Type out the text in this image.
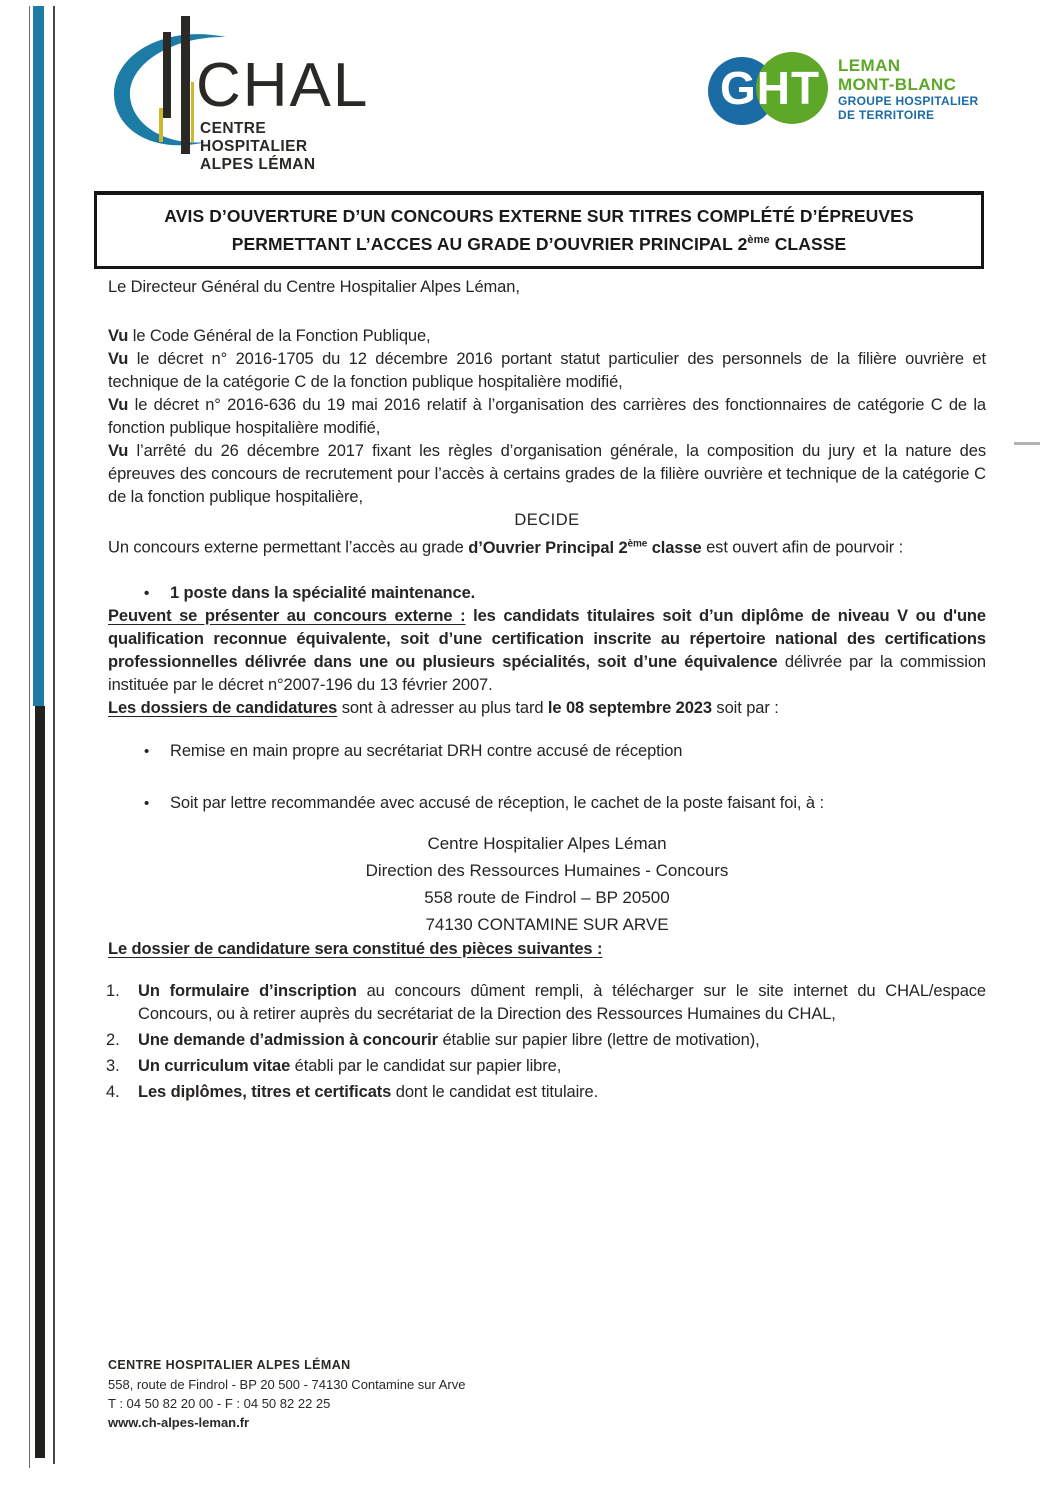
CHAL
CENTRE HOSPITALIER
ALPES LÉMAN
GHT	LEMAN
MONT-BLANC
GROUPE HOSPITALIER
DE TERRITOIRE
AVIS D’OUVERTURE D’UN CONCOURS EXTERNE SUR TITRES COMPLÉTÉ D’ÉPREUVES
PERMETTANT L’ACCES AU GRADE D’OUVRIER PRINCIPAL 2ème CLASSE

Le Directeur Général du Centre Hospitalier Alpes Léman,

Vu le Code Général de la Fonction Publique,

Vu le décret n° 2016-1705 du 12 décembre 2016 portant statut particulier des personnels de la filière ouvrière et technique de la catégorie C de la fonction publique hospitalière modifié,

Vu le décret n° 2016-636 du 19 mai 2016 relatif à l’organisation des carrières des fonctionnaires de catégorie C de la fonction publique hospitalière modifié,

Vu l’arrêté du 26 décembre 2017 fixant les règles d’organisation générale, la composition du jury et la nature des épreuves des concours de recrutement pour l’accès à certains grades de la filière ouvrière et technique de la catégorie C de la fonction publique hospitalière,

DECIDE

Un concours externe permettant l’accès au grade d’Ouvrier Principal 2ème classe est ouvert afin de pourvoir :

• 1 poste dans la spécialité maintenance.

Peuvent se présenter au concours externe : les candidats titulaires soit d’un diplôme de niveau V ou d'une qualification reconnue équivalente, soit d’une certification inscrite au répertoire national des certifications professionnelles délivrée dans une ou plusieurs spécialités, soit d’une équivalence délivrée par la commission instituée par le décret n°2007-196 du 13 février 2007.

Les dossiers de candidatures sont à adresser au plus tard le 08 septembre 2023 soit par :

• Remise en main propre au secrétariat DRH contre accusé de réception
• Soit par lettre recommandée avec accusé de réception, le cachet de la poste faisant foi, à :
Centre Hospitalier Alpes Léman
Direction des Ressources Humaines - Concours
558 route de Findrol – BP 20500
74130 CONTAMINE SUR ARVE

Le dossier de candidature sera constitué des pièces suivantes :

1. Un formulaire d’inscription au concours dûment rempli, à télécharger sur le site internet du CHAL/espace Concours, ou à retirer auprès du secrétariat de la Direction des Ressources Humaines du CHAL,
2. Une demande d’admission à concourir établie sur papier libre (lettre de motivation),
3. Un curriculum vitae établi par le candidat sur papier libre,
4. Les diplômes, titres et certificats dont le candidat est titulaire.
CENTRE HOSPITALIER ALPES LÉMAN
558, route de Findrol - BP 20 500 - 74130 Contamine sur Arve
T : 04 50 82 20 00 - F : 04 50 82 22 25
www.ch-alpes-leman.fr
